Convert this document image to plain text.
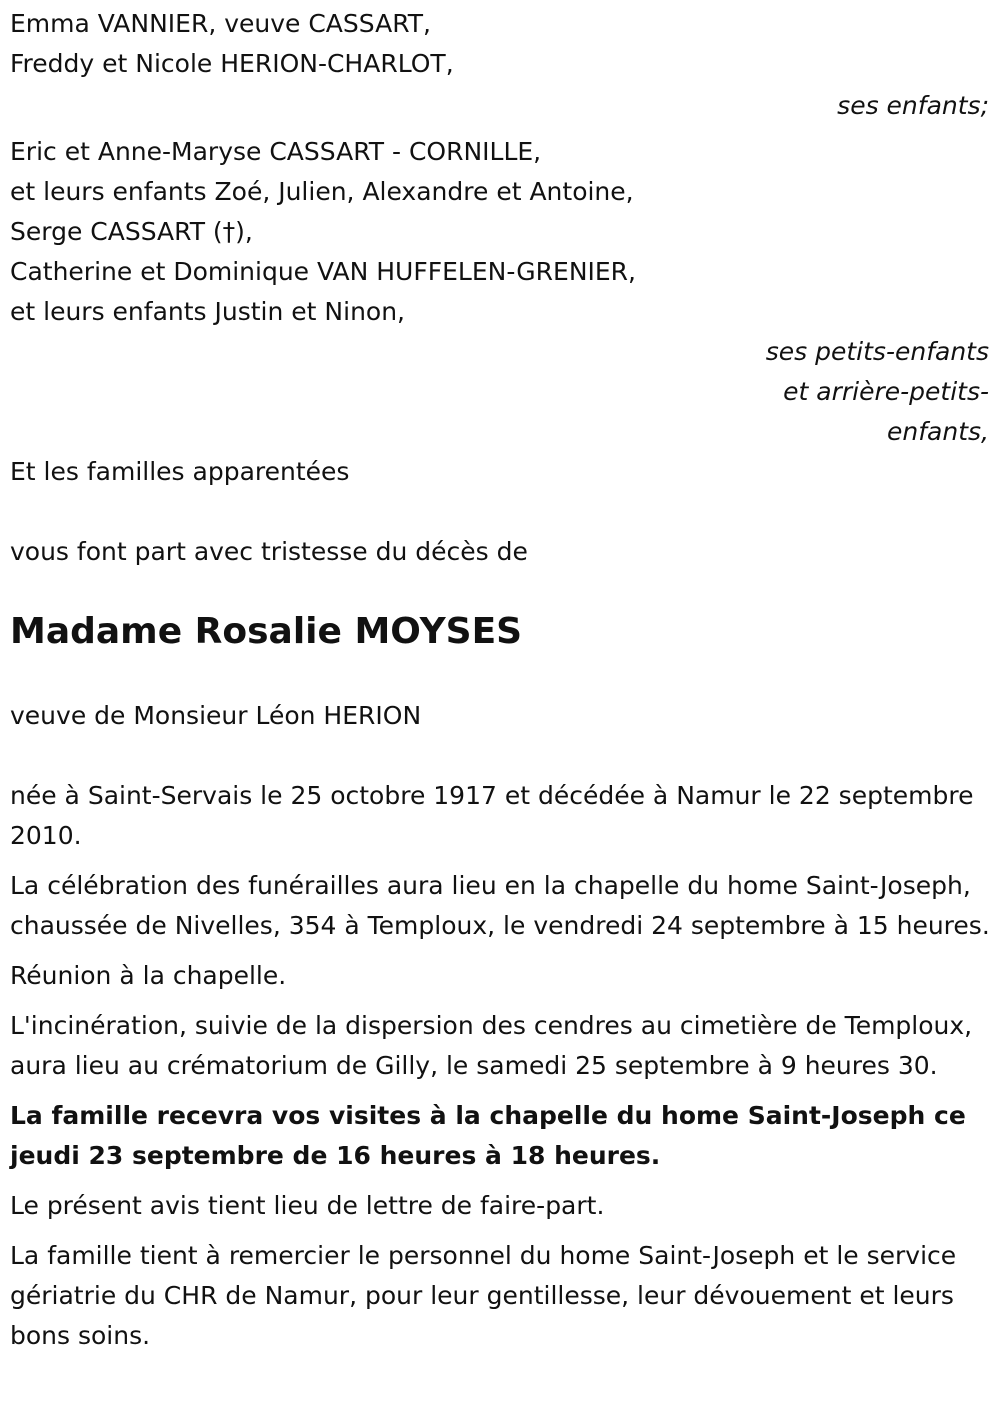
Emma VANNIER, veuve CASSART,
Freddy et Nicole HERION-CHARLOT,
ses enfants;
Eric et Anne-Maryse CASSART - CORNILLE,
et leurs enfants Zoé, Julien, Alexandre et Antoine,
Serge CASSART (†),
Catherine et Dominique VAN HUFFELEN-GRENIER,
et leurs enfants Justin et Ninon,
ses petits-enfants
et arrière-petits-
enfants,
Et les familles apparentées
vous font part avec tristesse du décès de
Madame Rosalie MOYSES
veuve de Monsieur Léon HERION
née à Saint-Servais le 25 octobre 1917 et décédée à Namur le 22 septembre 2010.
La célébration des funérailles aura lieu en la chapelle du home Saint-Joseph, chaussée de Nivelles, 354 à Temploux, le vendredi 24 septembre à 15 heures.
Réunion à la chapelle.
L'incinération, suivie de la dispersion des cendres au cimetière de Temploux, aura lieu au crématorium de Gilly, le samedi 25 septembre à 9 heures 30.
La famille recevra vos visites à la chapelle du home Saint-Joseph ce jeudi 23 septembre de 16 heures à 18 heures.
Le présent avis tient lieu de lettre de faire-part.
La famille tient à remercier le personnel du home Saint-Joseph et le service gériatrie du CHR de Namur, pour leur gentillesse, leur dévouement et leurs bons soins.
